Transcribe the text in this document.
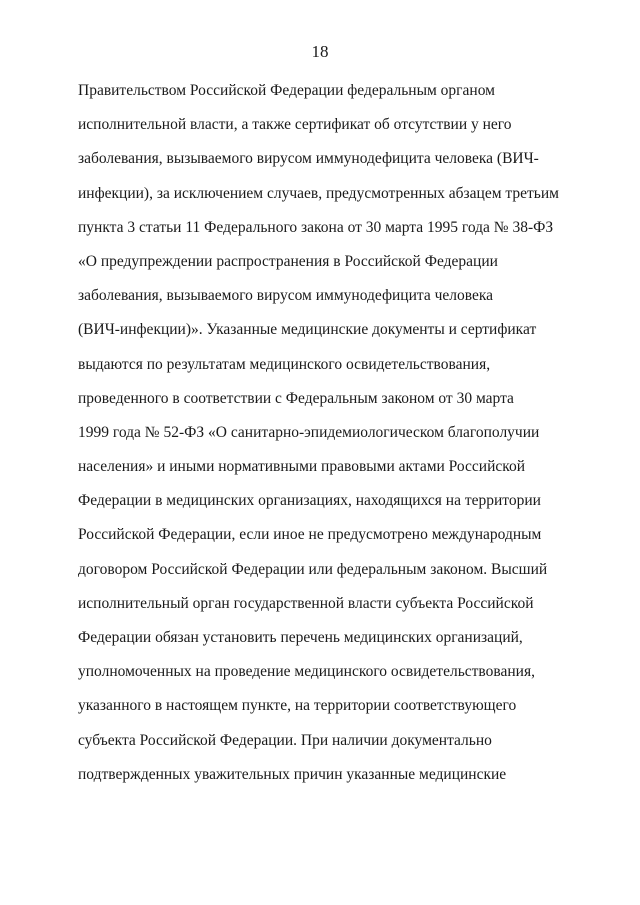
18
Правительством Российской Федерации федеральным органом
исполнительной власти, а также сертификат об отсутствии у него
заболевания, вызываемого вирусом иммунодефицита человека (ВИЧ-
инфекции), за исключением случаев, предусмотренных абзацем третьим
пункта 3 статьи 11 Федерального закона от 30 марта 1995 года № 38-ФЗ
«О предупреждении распространения в Российской Федерации
заболевания, вызываемого вирусом иммунодефицита человека
(ВИЧ-инфекции)». Указанные медицинские документы и сертификат
выдаются по результатам медицинского освидетельствования,
проведенного в соответствии с Федеральным законом от 30 марта
1999 года № 52-ФЗ «О санитарно-эпидемиологическом благополучии
населения» и иными нормативными правовыми актами Российской
Федерации в медицинских организациях, находящихся на территории
Российской Федерации, если иное не предусмотрено международным
договором Российской Федерации или федеральным законом. Высший
исполнительный орган государственной власти субъекта Российской
Федерации обязан установить перечень медицинских организаций,
уполномоченных на проведение медицинского освидетельствования,
указанного в настоящем пункте, на территории соответствующего
субъекта Российской Федерации. При наличии документально
подтвержденных уважительных причин указанные медицинские
